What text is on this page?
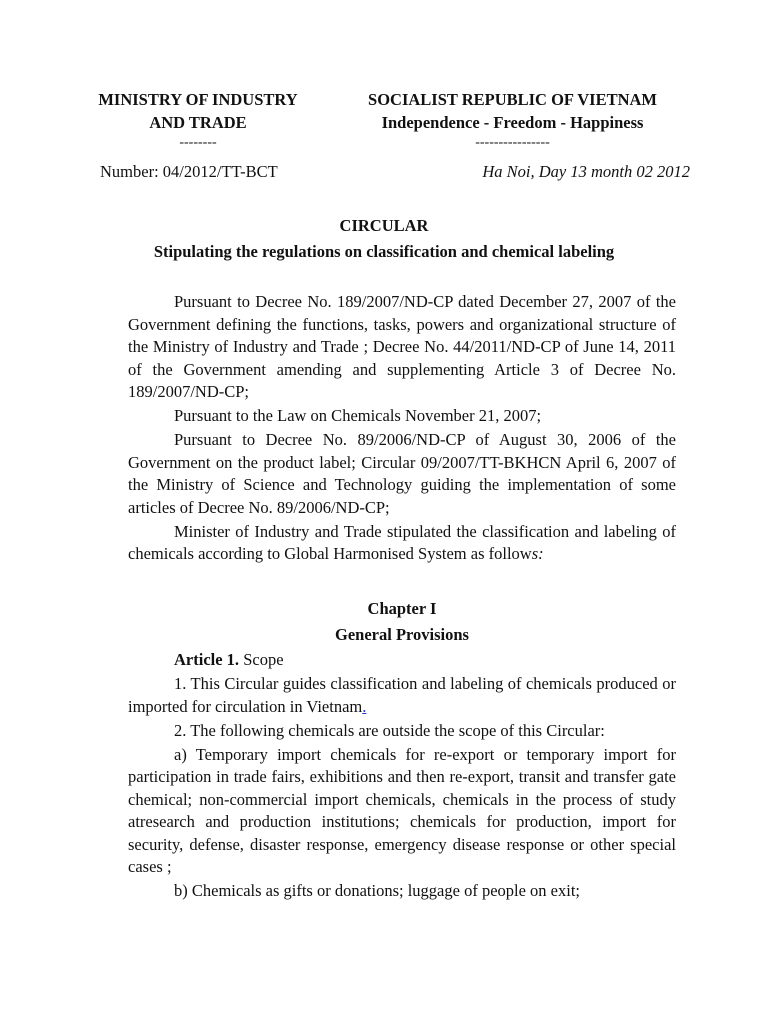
MINISTRY OF INDUSTRY
AND TRADE
--------
SOCIALIST REPUBLIC OF VIETNAM
Independence - Freedom - Happiness
----------------
Number: 04/2012/TT-BCT	Ha Noi, Day 13 month 02 2012
CIRCULAR
Stipulating the regulations on classification and chemical labeling

Pursuant to Decree No. 189/2007/ND-CP dated December 27, 2007 of the Government defining the functions, tasks, powers and organizational structure of the Ministry of Industry and Trade ; Decree No. 44/2011/ND-CP of June 14, 2011 of the Government amending and supplementing Article 3 of Decree No. 189/2007/ND-CP;

Pursuant to the Law on Chemicals November 21, 2007;

Pursuant to Decree No. 89/2006/ND-CP of August 30, 2006 of the Government on the product label; Circular 09/2007/TT-BKHCN April 6, 2007 of the Ministry of Science and Technology guiding the implementation of some articles of Decree No. 89/2006/ND-CP;

Minister of Industry and Trade stipulated the classification and labeling of chemicals according to Global Harmonised System as follows:

Chapter I

General Provisions

Article 1. Scope

1. This Circular guides classification and labeling of chemicals produced or imported for circulation in Vietnam.

2. The following chemicals are outside the scope of this Circular:

a) Temporary import chemicals for re-export or temporary import for participation in trade fairs, exhibitions and then re-export, transit and transfer gate chemical; non-commercial import chemicals, chemicals in the process of study atresearch and production institutions; chemicals for production, import for security, defense, disaster response, emergency disease response or other special cases ;

b) Chemicals as gifts or donations; luggage of people on exit;
